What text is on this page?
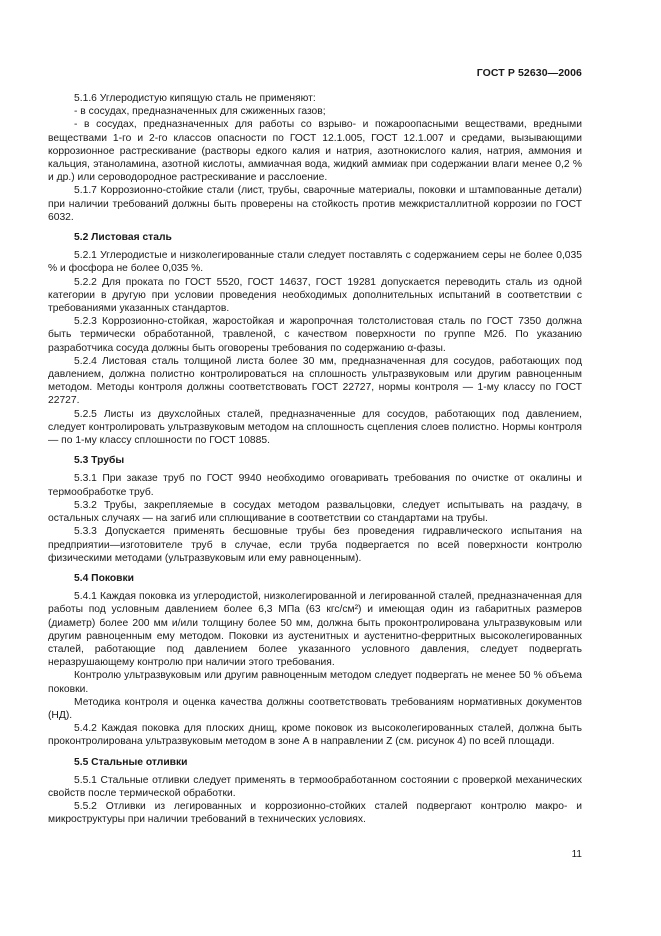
ГОСТ Р 52630—2006

5.1.6 Углеродистую кипящую сталь не применяют:

- в сосудах, предназначенных для сжиженных газов;

- в сосудах, предназначенных для работы со взрыво- и пожароопасными веществами, вредными веществами 1-го и 2-го классов опасности по ГОСТ 12.1.005, ГОСТ 12.1.007 и средами, вызывающими коррозионное растрескивание (растворы едкого калия и натрия, азотнокислого калия, натрия, аммония и кальция, этаноламина, азотной кислоты, аммиачная вода, жидкий аммиак при содержании влаги менее 0,2 % и др.) или сероводородное растрескивание и расслоение.

5.1.7 Коррозионно-стойкие стали (лист, трубы, сварочные материалы, поковки и штампованные детали) при наличии требований должны быть проверены на стойкость против межкристаллитной коррозии по ГОСТ 6032.

5.2 Листовая сталь

5.2.1 Углеродистые и низколегированные стали следует поставлять с содержанием серы не более 0,035 % и фосфора не более 0,035 %.

5.2.2 Для проката по ГОСТ 5520, ГОСТ 14637, ГОСТ 19281 допускается переводить сталь из одной категории в другую при условии проведения необходимых дополнительных испытаний в соответствии с требованиями указанных стандартов.

5.2.3 Коррозионно-стойкая, жаростойкая и жаропрочная толстолистовая сталь по ГОСТ 7350 должна быть термически обработанной, травленой, с качеством поверхности по группе М2б. По указанию разработчика сосуда должны быть оговорены требования по содержанию α-фазы.

5.2.4 Листовая сталь толщиной листа более 30 мм, предназначенная для сосудов, работающих под давлением, должна полистно контролироваться на сплошность ультразвуковым или другим равноценным методом. Методы контроля должны соответствовать ГОСТ 22727, нормы контроля — 1-му классу по ГОСТ 22727.

5.2.5 Листы из двухслойных сталей, предназначенные для сосудов, работающих под давлением, следует контролировать ультразвуковым методом на сплошность сцепления слоев полистно. Нормы контроля — по 1-му классу сплошности по ГОСТ 10885.

5.3 Трубы

5.3.1 При заказе труб по ГОСТ 9940 необходимо оговаривать требования по очистке от окалины и термообработке труб.

5.3.2 Трубы, закрепляемые в сосудах методом развальцовки, следует испытывать на раздачу, в остальных случаях — на загиб или сплющивание в соответствии со стандартами на трубы.

5.3.3 Допускается применять бесшовные трубы без проведения гидравлического испытания на предприятии—изготовителе труб в случае, если труба подвергается по всей поверхности контролю физическими методами (ультразвуковым или ему равноценным).

5.4 Поковки

5.4.1 Каждая поковка из углеродистой, низколегированной и легированной сталей, предназначенная для работы под условным давлением более 6,3 МПа (63 кгс/см²) и имеющая один из габаритных размеров (диаметр) более 200 мм и/или толщину более 50 мм, должна быть проконтролирована ультразвуковым или другим равноценным ему методом. Поковки из аустенитных и аустенитно-ферритных высоколегированных сталей, работающие под давлением более указанного условного давления, следует подвергать неразрушающему контролю при наличии этого требования.

Контролю ультразвуковым или другим равноценным методом следует подвергать не менее 50 % объема поковки.

Методика контроля и оценка качества должны соответствовать требованиям нормативных документов (НД).

5.4.2 Каждая поковка для плоских днищ, кроме поковок из высоколегированных сталей, должна быть проконтролирована ультразвуковым методом в зоне А в направлении Z (см. рисунок 4) по всей площади.

5.5 Стальные отливки

5.5.1 Стальные отливки следует применять в термообработанном состоянии с проверкой механических свойств после термической обработки.

5.5.2 Отливки из легированных и коррозионно-стойких сталей подвергают контролю макро- и микроструктуры при наличии требований в технических условиях.

11
